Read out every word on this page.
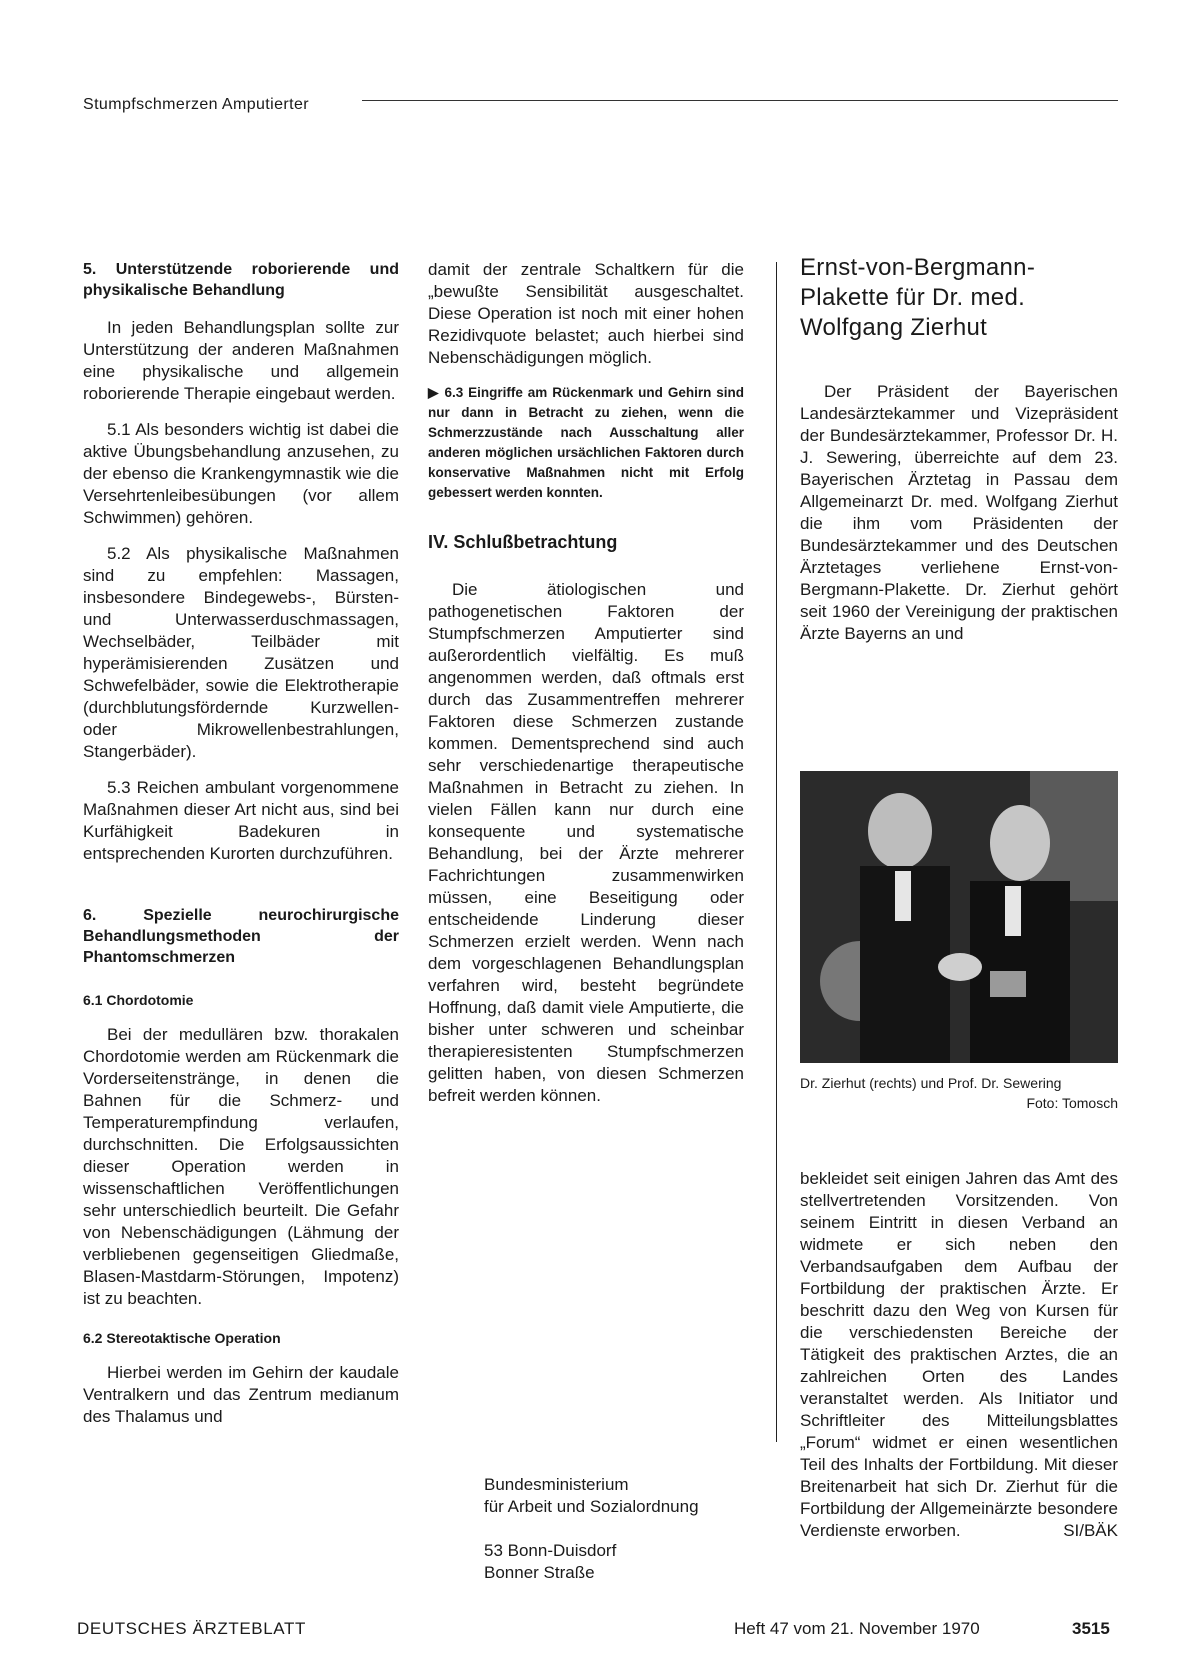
Stumpfschmerzen Amputierter
5. Unterstützende roborierende und physikalische Behandlung

In jeden Behandlungsplan sollte zur Unterstützung der anderen Maßnahmen eine physikalische und allgemein roborierende Therapie eingebaut werden.

5.1 Als besonders wichtig ist dabei die aktive Übungsbehandlung anzusehen, zu der ebenso die Krankengymnastik wie die Versehrtenleibesübungen (vor allem Schwimmen) gehören.

5.2 Als physikalische Maßnahmen sind zu empfehlen: Massagen, insbesondere Bindegewebs-, Bürsten- und Unterwasserduschmassagen, Wechselbäder, Teilbäder mit hyperämisierenden Zusätzen und Schwefelbäder, sowie die Elektrotherapie (durchblutungsfördernde Kurzwellen- oder Mikrowellenbestrahlungen, Stangerbäder).

5.3 Reichen ambulant vorgenommene Maßnahmen dieser Art nicht aus, sind bei Kurfähigkeit Badekuren in entsprechenden Kurorten durchzuführen.

6. Spezielle neurochirurgische Behandlungsmethoden der Phantomschmerzen
6.1 Chordotomie

Bei der medullären bzw. thorakalen Chordotomie werden am Rückenmark die Vorderseitenstränge, in denen die Bahnen für die Schmerz- und Temperaturempfindung verlaufen, durchschnitten. Die Erfolgsaussichten dieser Operation werden in wissenschaftlichen Veröffentlichungen sehr unterschiedlich beurteilt. Die Gefahr von Nebenschädigungen (Lähmung der verbliebenen gegenseitigen Gliedmaße, Blasen-Mastdarm-Störungen, Impotenz) ist zu beachten.

6.2 Stereotaktische Operation

Hierbei werden im Gehirn der kaudale Ventralkern und das Zentrum medianum des Thalamus und

damit der zentrale Schaltkern für die „bewußte Sensibilität ausgeschaltet. Diese Operation ist noch mit einer hohen Rezidivquote belastet; auch hierbei sind Nebenschädigungen möglich.

▶ 6.3 Eingriffe am Rückenmark und Gehirn sind nur dann in Betracht zu ziehen, wenn die Schmerzzustände nach Ausschaltung aller anderen möglichen ursächlichen Faktoren durch konservative Maßnahmen nicht mit Erfolg gebessert werden konnten.
IV. Schlußbetrachtung

Die ätiologischen und pathogenetischen Faktoren der Stumpfschmerzen Amputierter sind außerordentlich vielfältig. Es muß angenommen werden, daß oftmals erst durch das Zusammentreffen mehrerer Faktoren diese Schmerzen zustande kommen. Dementsprechend sind auch sehr verschiedenartige therapeutische Maßnahmen in Betracht zu ziehen. In vielen Fällen kann nur durch eine konsequente und systematische Behandlung, bei der Ärzte mehrerer Fachrichtungen zusammenwirken müssen, eine Beseitigung oder entscheidende Linderung dieser Schmerzen erzielt werden. Wenn nach dem vorgeschlagenen Behandlungsplan verfahren wird, besteht begründete Hoffnung, daß damit viele Amputierte, die bisher unter schweren und scheinbar therapieresistenten Stumpfschmerzen gelitten haben, von diesen Schmerzen befreit werden können.

Bundesministerium
für Arbeit und Sozialordnung
53 Bonn-Duisdorf
Bonner Straße
Ernst-von-Bergmann-Plakette für Dr. med. Wolfgang Zierhut

Der Präsident der Bayerischen Landesärztekammer und Vizepräsident der Bundesärztekammer, Professor Dr. H. J. Sewering, überreichte auf dem 23. Bayerischen Ärztetag in Passau dem Allgemeinarzt Dr. med. Wolfgang Zierhut die ihm vom Präsidenten der Bundesärztekammer und des Deutschen Ärztetages verliehene Ernst-von-Bergmann-Plakette. Dr. Zierhut gehört seit 1960 der Vereinigung der praktischen Ärzte Bayerns an und

Dr. Zierhut (rechts) und Prof. Dr. Sewering
Foto: Tomosch

bekleidet seit einigen Jahren das Amt des stellvertretenden Vorsitzenden. Von seinem Eintritt in diesen Verband an widmete er sich neben den Verbandsaufgaben dem Aufbau der Fortbildung der praktischen Ärzte. Er beschritt dazu den Weg von Kursen für die verschiedensten Bereiche der Tätigkeit des praktischen Arztes, die an zahlreichen Orten des Landes veranstaltet werden. Als Initiator und Schriftleiter des Mitteilungsblattes „Forum“ widmet er einen wesentlichen Teil des Inhalts der Fortbildung. Mit dieser Breitenarbeit hat sich Dr. Zierhut für die Fortbildung der Allgemeinärzte besondere Verdienste erworben.	SI/BÄK

DEUTSCHES ÄRZTEBLATT	Heft 47 vom 21. November 1970	3515
